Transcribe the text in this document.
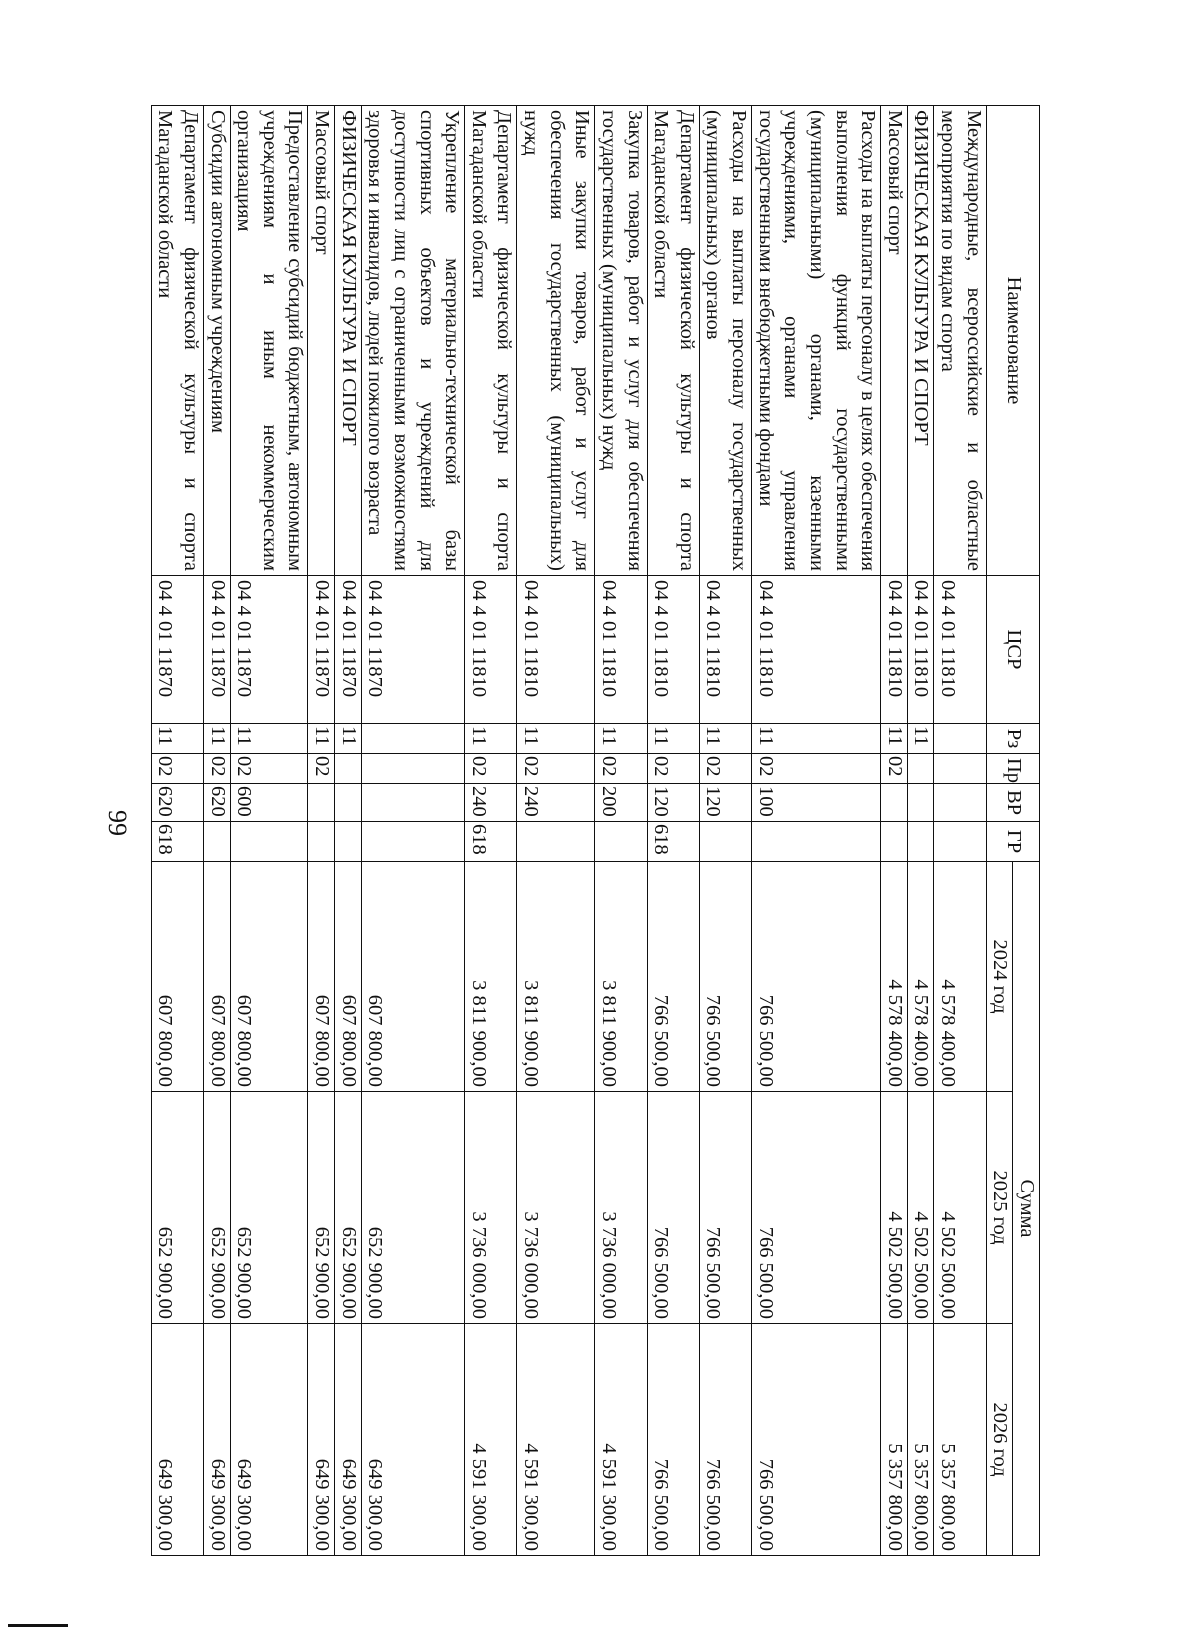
99
Наименование	ЦСР	Рз	Пр	ВР	ГР	Сумма		
						2024 год	2025 год	2026 год
Международные, всероссийские и областные мероприятия по видам спорта	04 4 01 11810					4 578 400,00	4 502 500,00	5 357 800,00
ФИЗИЧЕСКАЯ КУЛЬТУРА И СПОРТ	04 4 01 11810	11				4 578 400,00	4 502 500,00	5 357 800,00
Массовый спорт	04 4 01 11810	11	02			4 578 400,00	4 502 500,00	5 357 800,00
Расходы на выплаты персоналу в целях обеспечения выполнения функций государственными (муниципальными) органами, казенными учреждениями, органами управления государственными внебюджетными фондами	04 4 01 11810	11	02	100		766 500,00	766 500,00	766 500,00
Расходы на выплаты персоналу государственных (муниципальных) органов	04 4 01 11810	11	02	120		766 500,00	766 500,00	766 500,00
Департамент физической культуры и спорта Магаданской области	04 4 01 11810	11	02	120	618	766 500,00	766 500,00	766 500,00
Закупка товаров, работ и услуг для обеспечения государственных (муниципальных) нужд	04 4 01 11810	11	02	200		3 811 900,00	3 736 000,00	4 591 300,00
Иные закупки товаров, работ и услуг для обеспечения государственных (муниципальных) нужд	04 4 01 11810	11	02	240		3 811 900,00	3 736 000,00	4 591 300,00
Департамент физической культуры и спорта Магаданской области	04 4 01 11810	11	02	240	618	3 811 900,00	3 736 000,00	4 591 300,00
Укрепление материально-технической базы спортивных объектов и учреждений для доступности лиц с ограниченными возможностями здоровья и инвалидов, людей пожилого возраста	04 4 01 11870					607 800,00	652 900,00	649 300,00
ФИЗИЧЕСКАЯ КУЛЬТУРА И СПОРТ	04 4 01 11870	11				607 800,00	652 900,00	649 300,00
Массовый спорт	04 4 01 11870	11	02			607 800,00	652 900,00	649 300,00
Предоставление субсидий бюджетным, автономным учреждениям и иным некоммерческим организациям	04 4 01 11870	11	02	600		607 800,00	652 900,00	649 300,00
Субсидии автономным учреждениям	04 4 01 11870	11	02	620		607 800,00	652 900,00	649 300,00
Департамент физической культуры и спорта Магаданской области	04 4 01 11870	11	02	620	618	607 800,00	652 900,00	649 300,00
